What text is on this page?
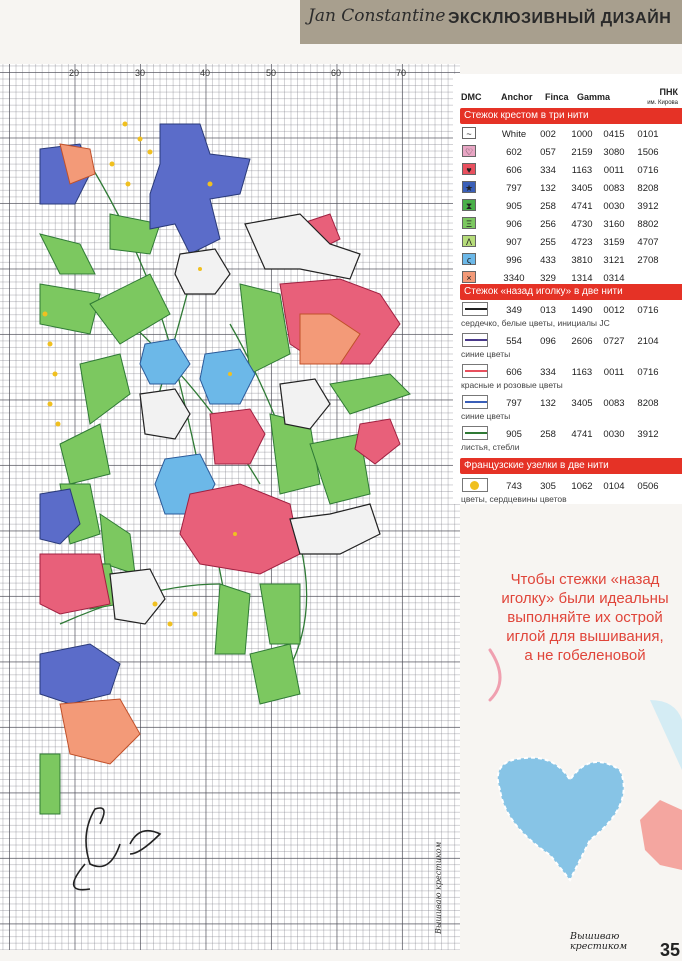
Jan Constantine ЭКСКЛЮЗИВНЫЙ ДИЗАЙН
20	30	40	50	60	70
Вышиваю крестиком
DMC Anchor Finca Gamma	ПНК
им. Кирова
Стежок крестом в три нити
~	White	002	1000	0415	0101
♡	602	057	2159	3080	1506
♥	606	334	1163	0011	0716
★	797	132	3405	0083	8208
⧗	905	258	4741	0030	3912
Ξ	906	256	4730	3160	8802
Λ	907	255	4723	3159	4707
ς	996	433	3810	3121	2708
×	3340	329	1314	0314
Стежок «назад иголку» в две нити
349	013	1490	0012	0716
сердечко, белые цветы, инициалы JC
554	096	2606	0727	2104
синие цветы
606	334	1163	0011	0716
красные и розовые цветы
797	132	3405	0083	8208
синие цветы
905	258	4741	0030	3912
листья, стебли
Французские узелки в две нити
743	305	1062	0104	0506
цветы, сердцевины цветов
Чтобы стежки «назад
иголку» были идеальны
выполняйте их острой
иглой для вышивания,
а не гобеленовой
Вышиваю
крестиком 35
